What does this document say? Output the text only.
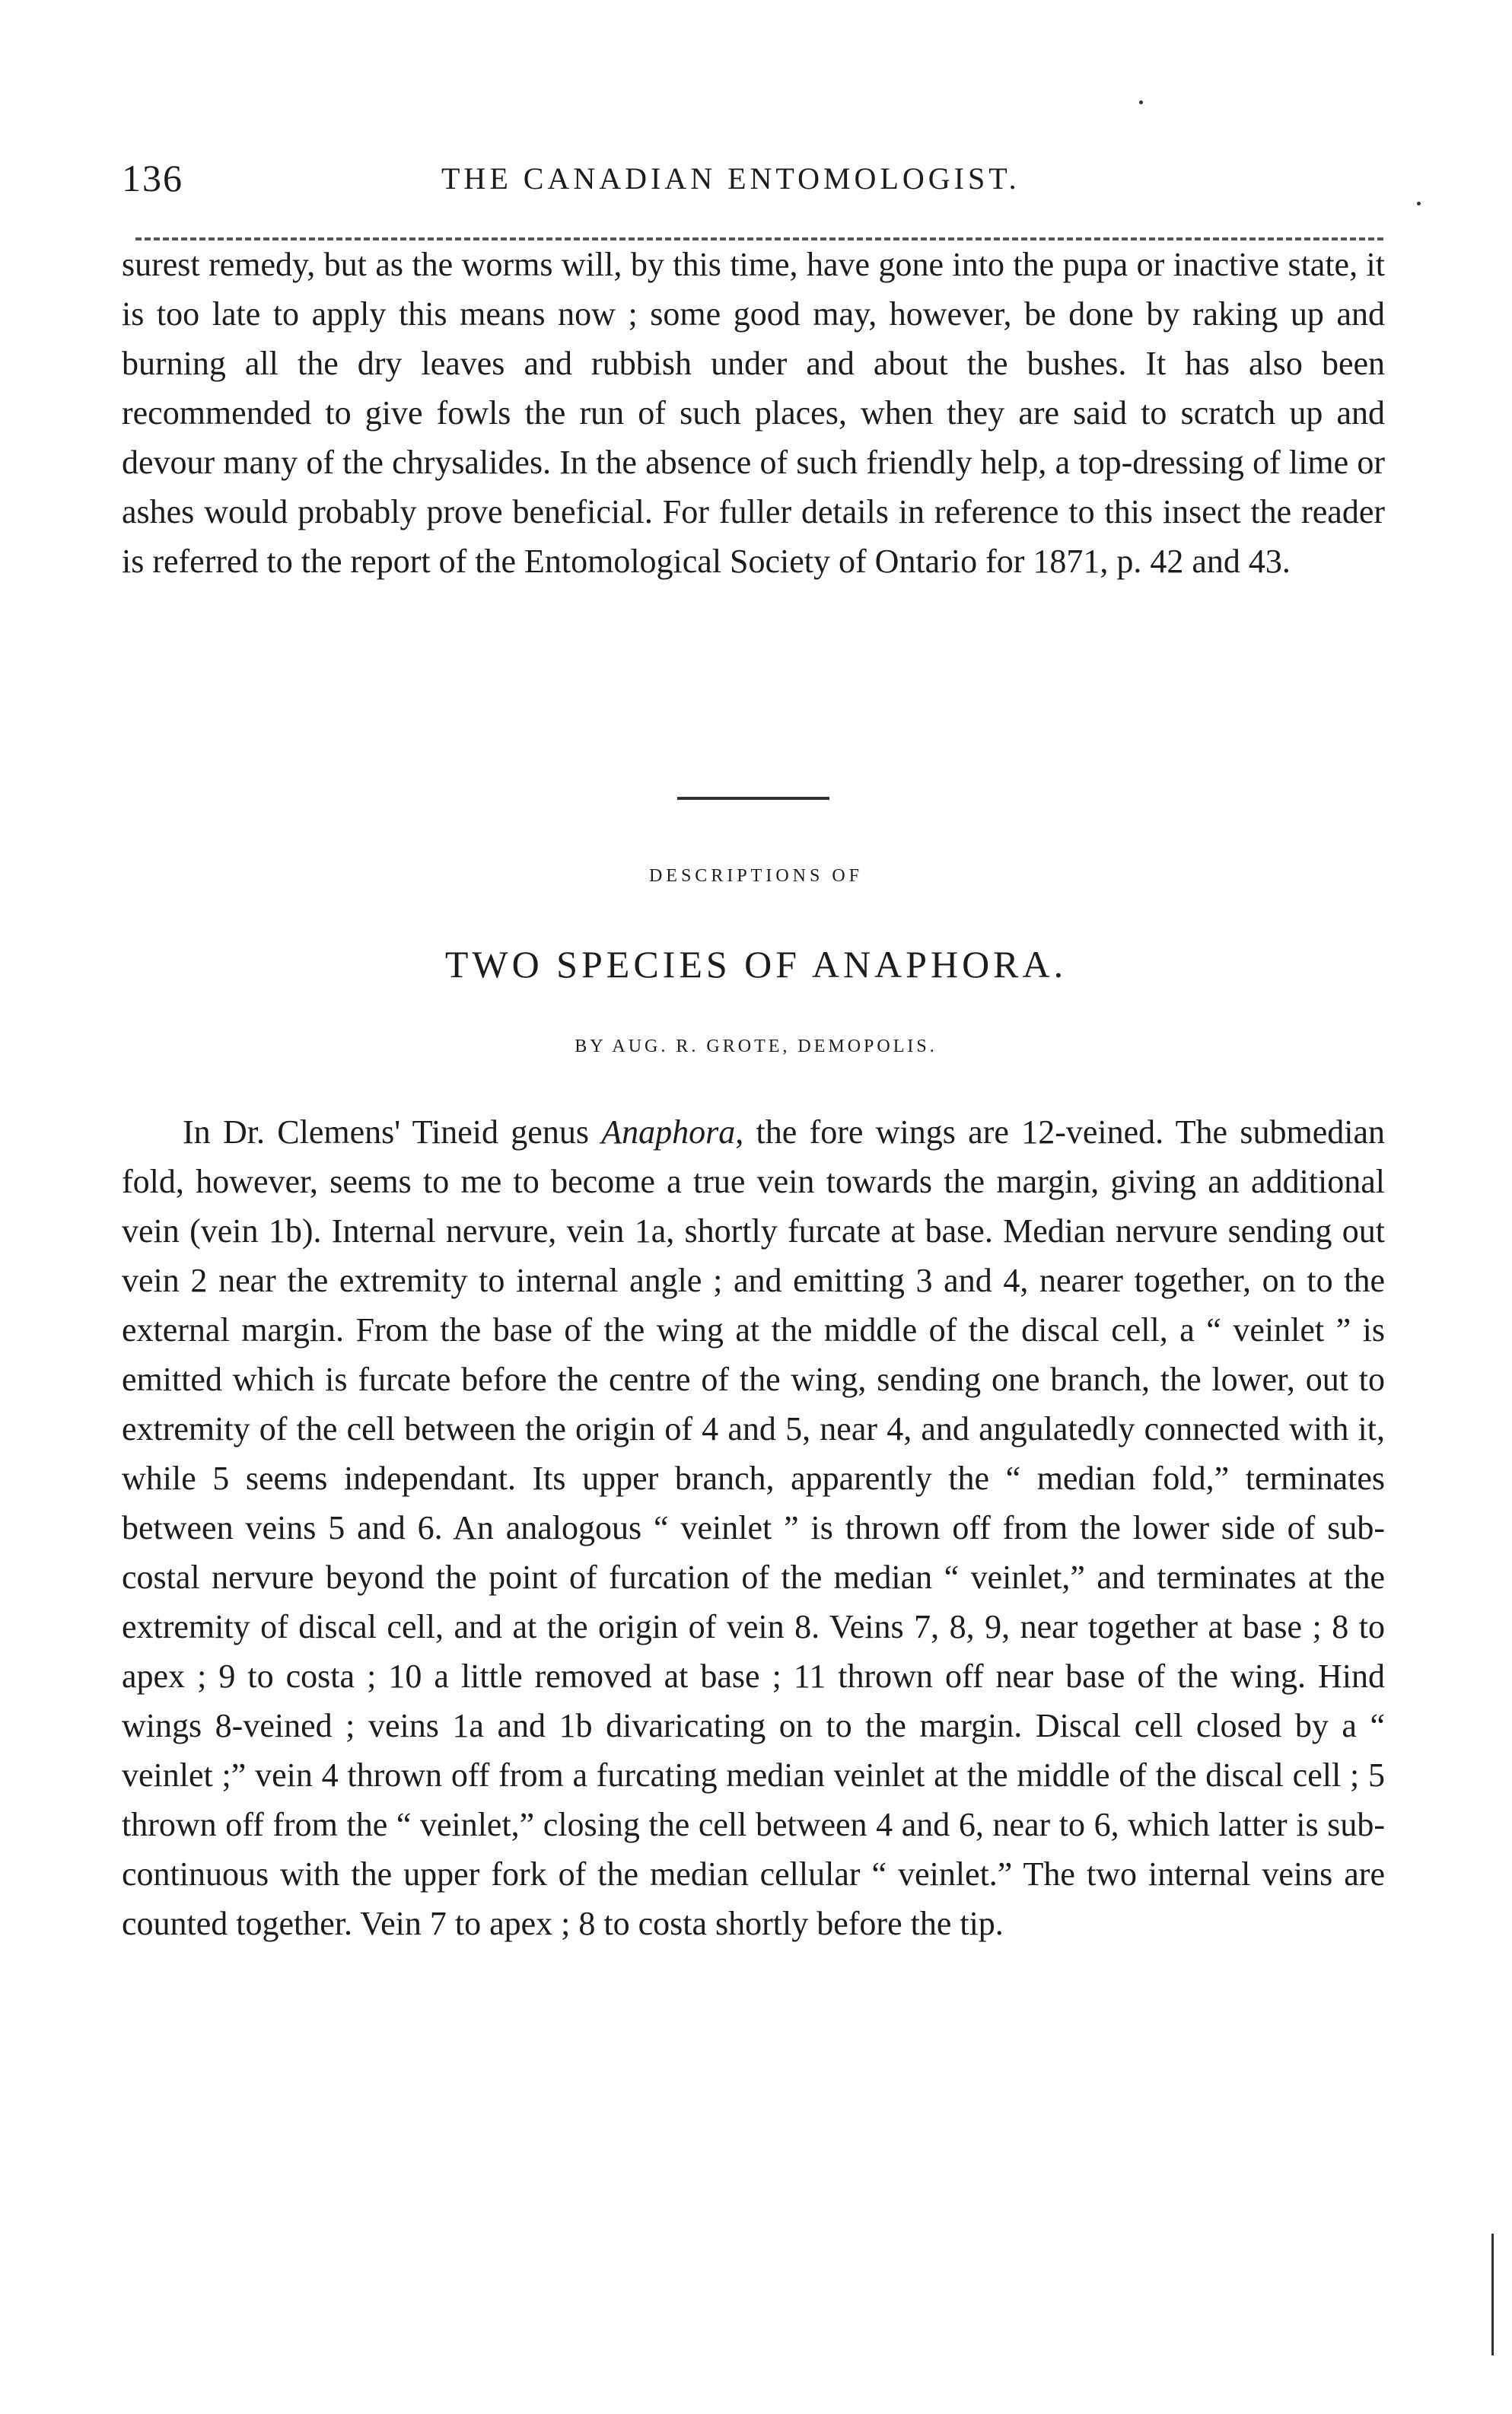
136	THE CANADIAN ENTOMOLOGIST.

surest remedy, but as the worms will, by this time, have gone into the pupa or inactive state, it is too late to apply this means now ; some good may, however, be done by raking up and burning all the dry leaves and rubbish under and about the bushes. It has also been recommended to give fowls the run of such places, when they are said to scratch up and devour many of the chrysalides. In the absence of such friendly help, a top-dressing of lime or ashes would probably prove beneficial. For fuller details in reference to this insect the reader is referred to the report of the Entomological Society of Ontario for 1871, p. 42 and 43.

DESCRIPTIONS OF
TWO SPECIES OF ANAPHORA.
BY AUG. R. GROTE, DEMOPOLIS.

In Dr. Clemens' Tineid genus Anaphora, the fore wings are 12-veined. The submedian fold, however, seems to me to become a true vein towards the margin, giving an additional vein (vein 1b). Internal nervure, vein 1a, shortly furcate at base. Median nervure sending out vein 2 near the extremity to internal angle ; and emitting 3 and 4, nearer together, on to the external margin. From the base of the wing at the middle of the discal cell, a “ veinlet ” is emitted which is furcate before the centre of the wing, sending one branch, the lower, out to extremity of the cell between the origin of 4 and 5, near 4, and angulatedly connected with it, while 5 seems independant. Its upper branch, apparently the “ median fold,” terminates between veins 5 and 6. An analogous “ veinlet ” is thrown off from the lower side of sub-costal nervure beyond the point of furcation of the median “ veinlet,” and terminates at the extremity of discal cell, and at the origin of vein 8. Veins 7, 8, 9, near together at base ; 8 to apex ; 9 to costa ; 10 a little removed at base ; 11 thrown off near base of the wing. Hind wings 8-veined ; veins 1a and 1b divaricating on to the margin. Discal cell closed by a “ veinlet ;” vein 4 thrown off from a furcating median veinlet at the middle of the discal cell ; 5 thrown off from the “ veinlet,” closing the cell between 4 and 6, near to 6, which latter is sub-continuous with the upper fork of the median cellular “ veinlet.” The two internal veins are counted together. Vein 7 to apex ; 8 to costa shortly before the tip.
